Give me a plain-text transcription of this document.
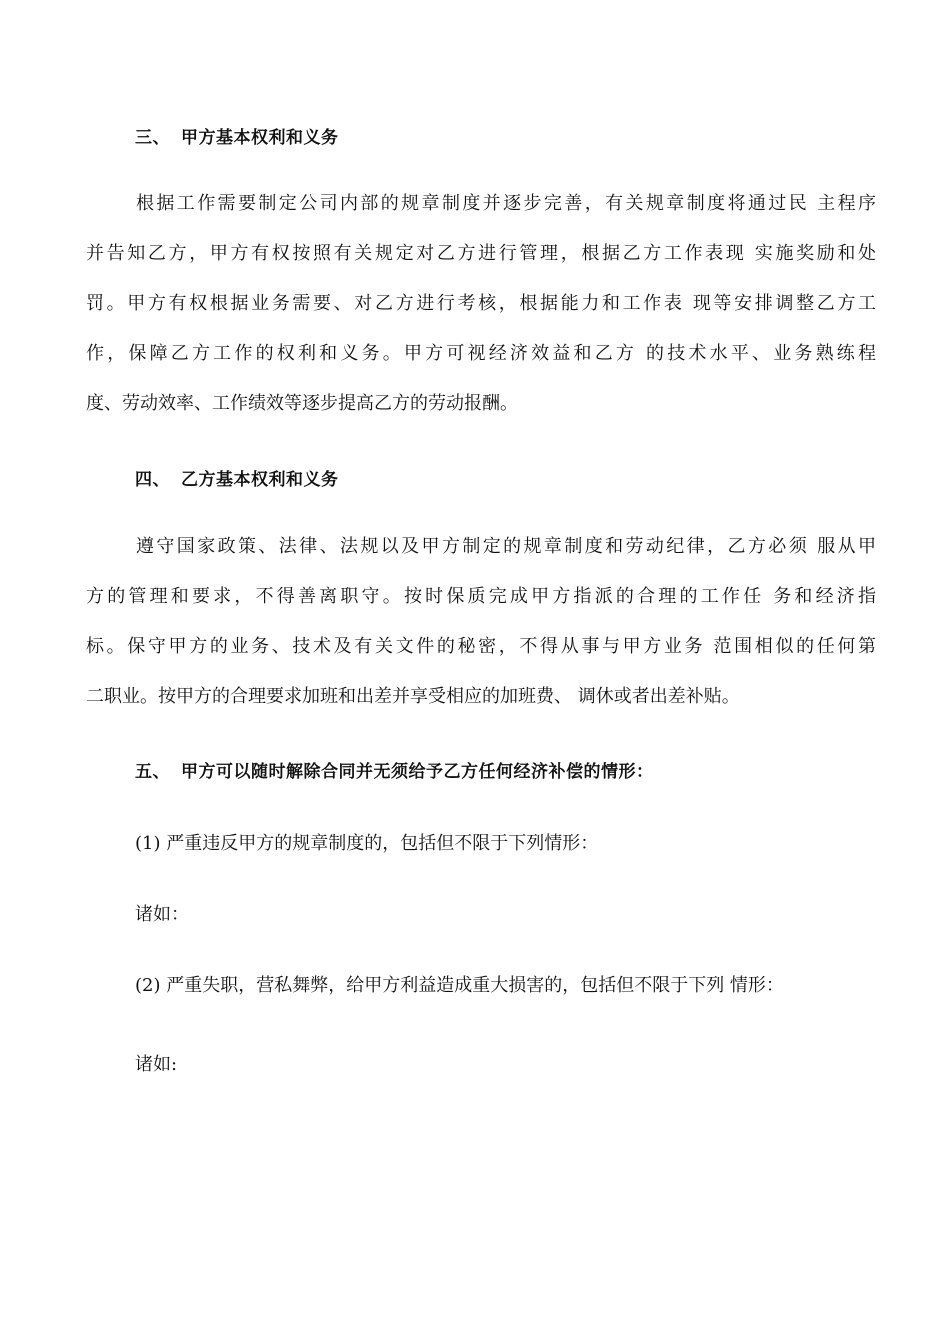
三、 甲方基本权利和义务
根据工作需要制定公司内部的规章制度并逐步完善，有关规章制度将通过民 主程序
并告知乙方，甲方有权按照有关规定对乙方进行管理，根据乙方工作表现 实施奖励和处
罚。甲方有权根据业务需要、对乙方进行考核，根据能力和工作表 现等安排调整乙方工
作，保障乙方工作的权利和义务。甲方可视经济效益和乙方 的技术水平、业务熟练程
度、劳动效率、工作绩效等逐步提高乙方的劳动报酬。
四、 乙方基本权利和义务
遵守国家政策、法律、法规以及甲方制定的规章制度和劳动纪律，乙方必须 服从甲
方的管理和要求，不得善离职守。按时保质完成甲方指派的合理的工作任 务和经济指
标。保守甲方的业务、技术及有关文件的秘密，不得从事与甲方业务 范围相似的任何第
二职业。按甲方的合理要求加班和出差并享受相应的加班费、 调休或者出差补贴。
五、 甲方可以随时解除合同并无须给予乙方任何经济补偿的情形：
(1) 严重违反甲方的规章制度的，包括但不限于下列情形：
诸如：
(2) 严重失职，营私舞弊，给甲方利益造成重大损害的，包括但不限于下列 情形：
诸如:
